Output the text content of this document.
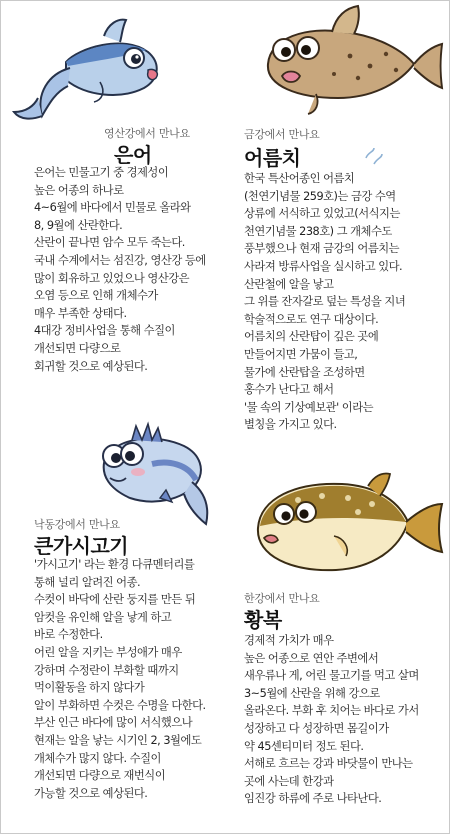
영산강에서 만나요
은어
은어는 민물고기 중 경제성이
높은 어종의 하나로
4~6월에 바다에서 민물로 올라와
8, 9월에 산란한다.
산란이 끝나면 암수 모두 죽는다.
국내 수계에서는 섬진강, 영산강 등에
많이 회유하고 있었으나 영산강은
오염 등으로 인해 개체수가
매우 부족한 상태다.
4대강 정비사업을 통해 수질이
개선되면 다량으로
회귀할 것으로 예상된다.
금강에서 만나요
어름치
한국 특산어종인 어름치
(천연기념물 259호)는 금강 수역
상류에 서식하고 있었고(서식지는
천연기념물 238호) 그 개체수도
풍부했으나 현재 금강의 어름치는
사라져 방류사업을 실시하고 있다.
산란철에 알을 낳고
그 위를 잔자갈로 덮는 특성을 지녀
학술적으로도 연구 대상이다.
어름치의 산란탑이 깊은 곳에
만들어지면 가뭄이 들고,
물가에 산란탑을 조성하면
홍수가 난다고 해서
'물 속의 기상예보관' 이라는
별칭을 가지고 있다.
낙동강에서 만나요
큰가시고기
'가시고기' 라는 환경 다큐멘터리를
통해 널리 알려진 어종.
수컷이 바닥에 산란 둥지를 만든 뒤
암컷을 유인해 알을 낳게 하고
바로 수정한다.
어린 알을 지키는 부성애가 매우
강하며 수정란이 부화할 때까지
먹이활동을 하지 않다가
알이 부화하면 수컷은 수명을 다한다.
부산 인근 바다에 많이 서식했으나
현재는 알을 낳는 시기인 2, 3월에도
개체수가 많지 않다. 수질이
개선되면 다량으로 재번식이
가능할 것으로 예상된다.
한강에서 만나요
황복
경제적 가치가 매우
높은 어종으로 연안 주변에서
새우류나 게, 어린 물고기를 먹고 살며
3~5월에 산란을 위해 강으로
올라온다. 부화 후 치어는 바다로 가서
성장하고 다 성장하면 몸길이가
약 45센티미터 정도 된다.
서해로 흐르는 강과 바닷물이 만나는
곳에 사는데 한강과
임진강 하류에 주로 나타난다.
